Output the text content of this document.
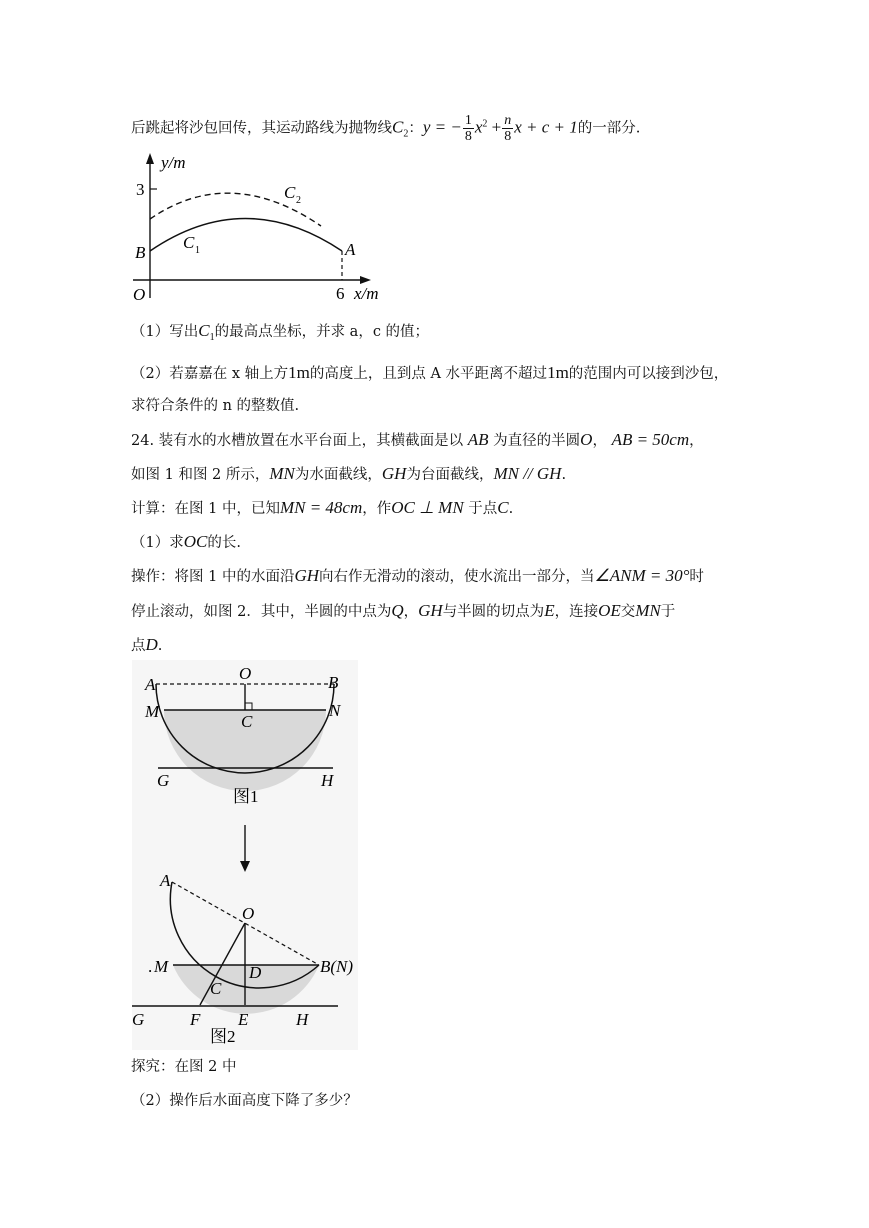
后跳起将沙包回传，其运动路线为抛物线$C_2$：y = − $\frac{1}{8} x^2 + \frac{n}{8}$ x + c + 1的一部分.
y/m
x/m
3
6
O
B	A
C 1
C 2
（1）写出$C_1$的最高点坐标，并求 a，c 的值；
（2）若嘉嘉在 x 轴上方1m的高度上，且到点 A 水平距离不超过1m的范围内可以接到沙包，
求符合条件的 n 的整数值.
24. 装有水的水槽放置在水平台面上，其横截面是以 AB 为直径的半圆O， AB = 50cm，
如图 1 和图 2 所示，MN为水面截线，GH为台面截线，MN // GH.
计算：在图 1 中，已知MN = 48cm，作OC ⊥ MN 于点C.
（1）求OC的长.
操作：将图 1 中的水面沿GH向右作无滑动的滚动，使水流出一部分，当∠ANM = 30°时
停止滚动，如图 2．其中，半圆的中点为Q，GH与半圆的切点为E，连接OE交MN于
点D.
O
A	B
M	N
C
G	H
图1
A
O
. M	D	B(N)
C
G	F E	H
图2
探究：在图 2 中
（2）操作后水面高度下降了多少？
